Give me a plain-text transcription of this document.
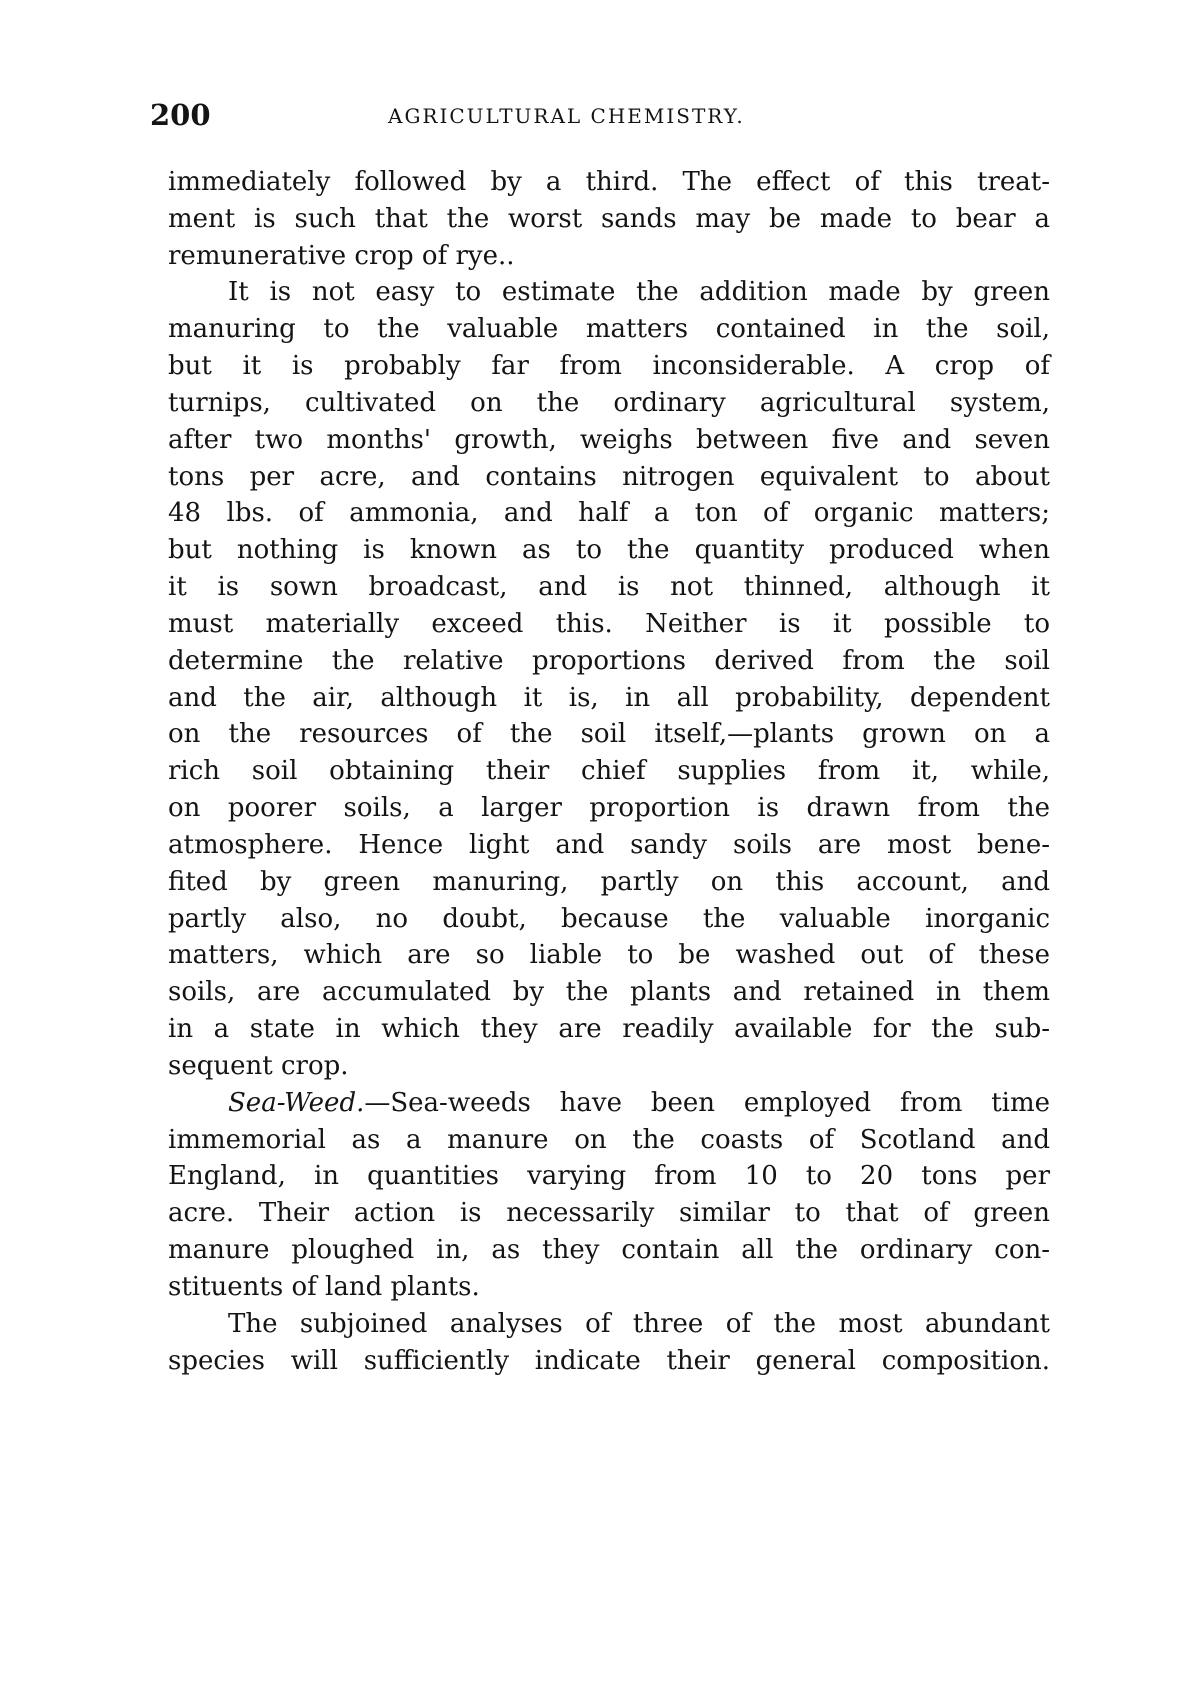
200	AGRICULTURAL CHEMISTRY.
immediately followed by a third. The effect of this treat-
ment is such that the worst sands may be made to bear a
remunerative crop of rye..
It is not easy to estimate the addition made by green
manuring to the valuable matters contained in the soil,
but it is probably far from inconsiderable. A crop of
turnips, cultivated on the ordinary agricultural system,
after two months' growth, weighs between five and seven
tons per acre, and contains nitrogen equivalent to about
48 lbs. of ammonia, and half a ton of organic matters;
but nothing is known as to the quantity produced when
it is sown broadcast, and is not thinned, although it
must materially exceed this. Neither is it possible to
determine the relative proportions derived from the soil
and the air, although it is, in all probability, dependent
on the resources of the soil itself,—plants grown on a
rich soil obtaining their chief supplies from it, while,
on poorer soils, a larger proportion is drawn from the
atmosphere. Hence light and sandy soils are most bene-
fited by green manuring, partly on this account, and
partly also, no doubt, because the valuable inorganic
matters, which are so liable to be washed out of these
soils, are accumulated by the plants and retained in them
in a state in which they are readily available for the sub-
sequent crop.
Sea-Weed.—Sea-weeds have been employed from time
immemorial as a manure on the coasts of Scotland and
England, in quantities varying from 10 to 20 tons per
acre. Their action is necessarily similar to that of green
manure ploughed in, as they contain all the ordinary con-
stituents of land plants.
The subjoined analyses of three of the most abundant
species will sufficiently indicate their general composition.
